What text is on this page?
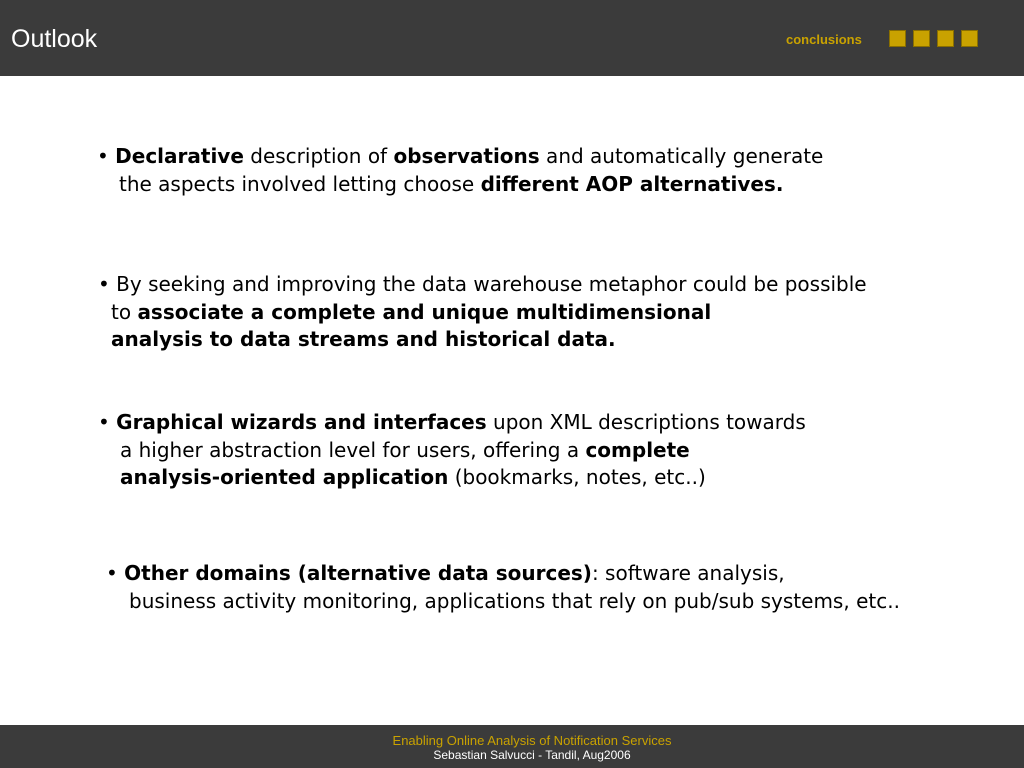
Outlook	conclusions
• Declarative description of observations and automatically generate
the aspects involved letting choose different AOP alternatives.
• By seeking and improving the data warehouse metaphor could be possible
to associate a complete and unique multidimensional
analysis to data streams and historical data.
• Graphical wizards and interfaces upon XML descriptions towards
a higher abstraction level for users, offering a complete
analysis-oriented application (bookmarks, notes, etc..)
• Other domains (alternative data sources): software analysis,
business activity monitoring, applications that rely on pub/sub systems, etc..
Enabling Online Analysis of Notification Services
Sebastian Salvucci - Tandil, Aug2006
